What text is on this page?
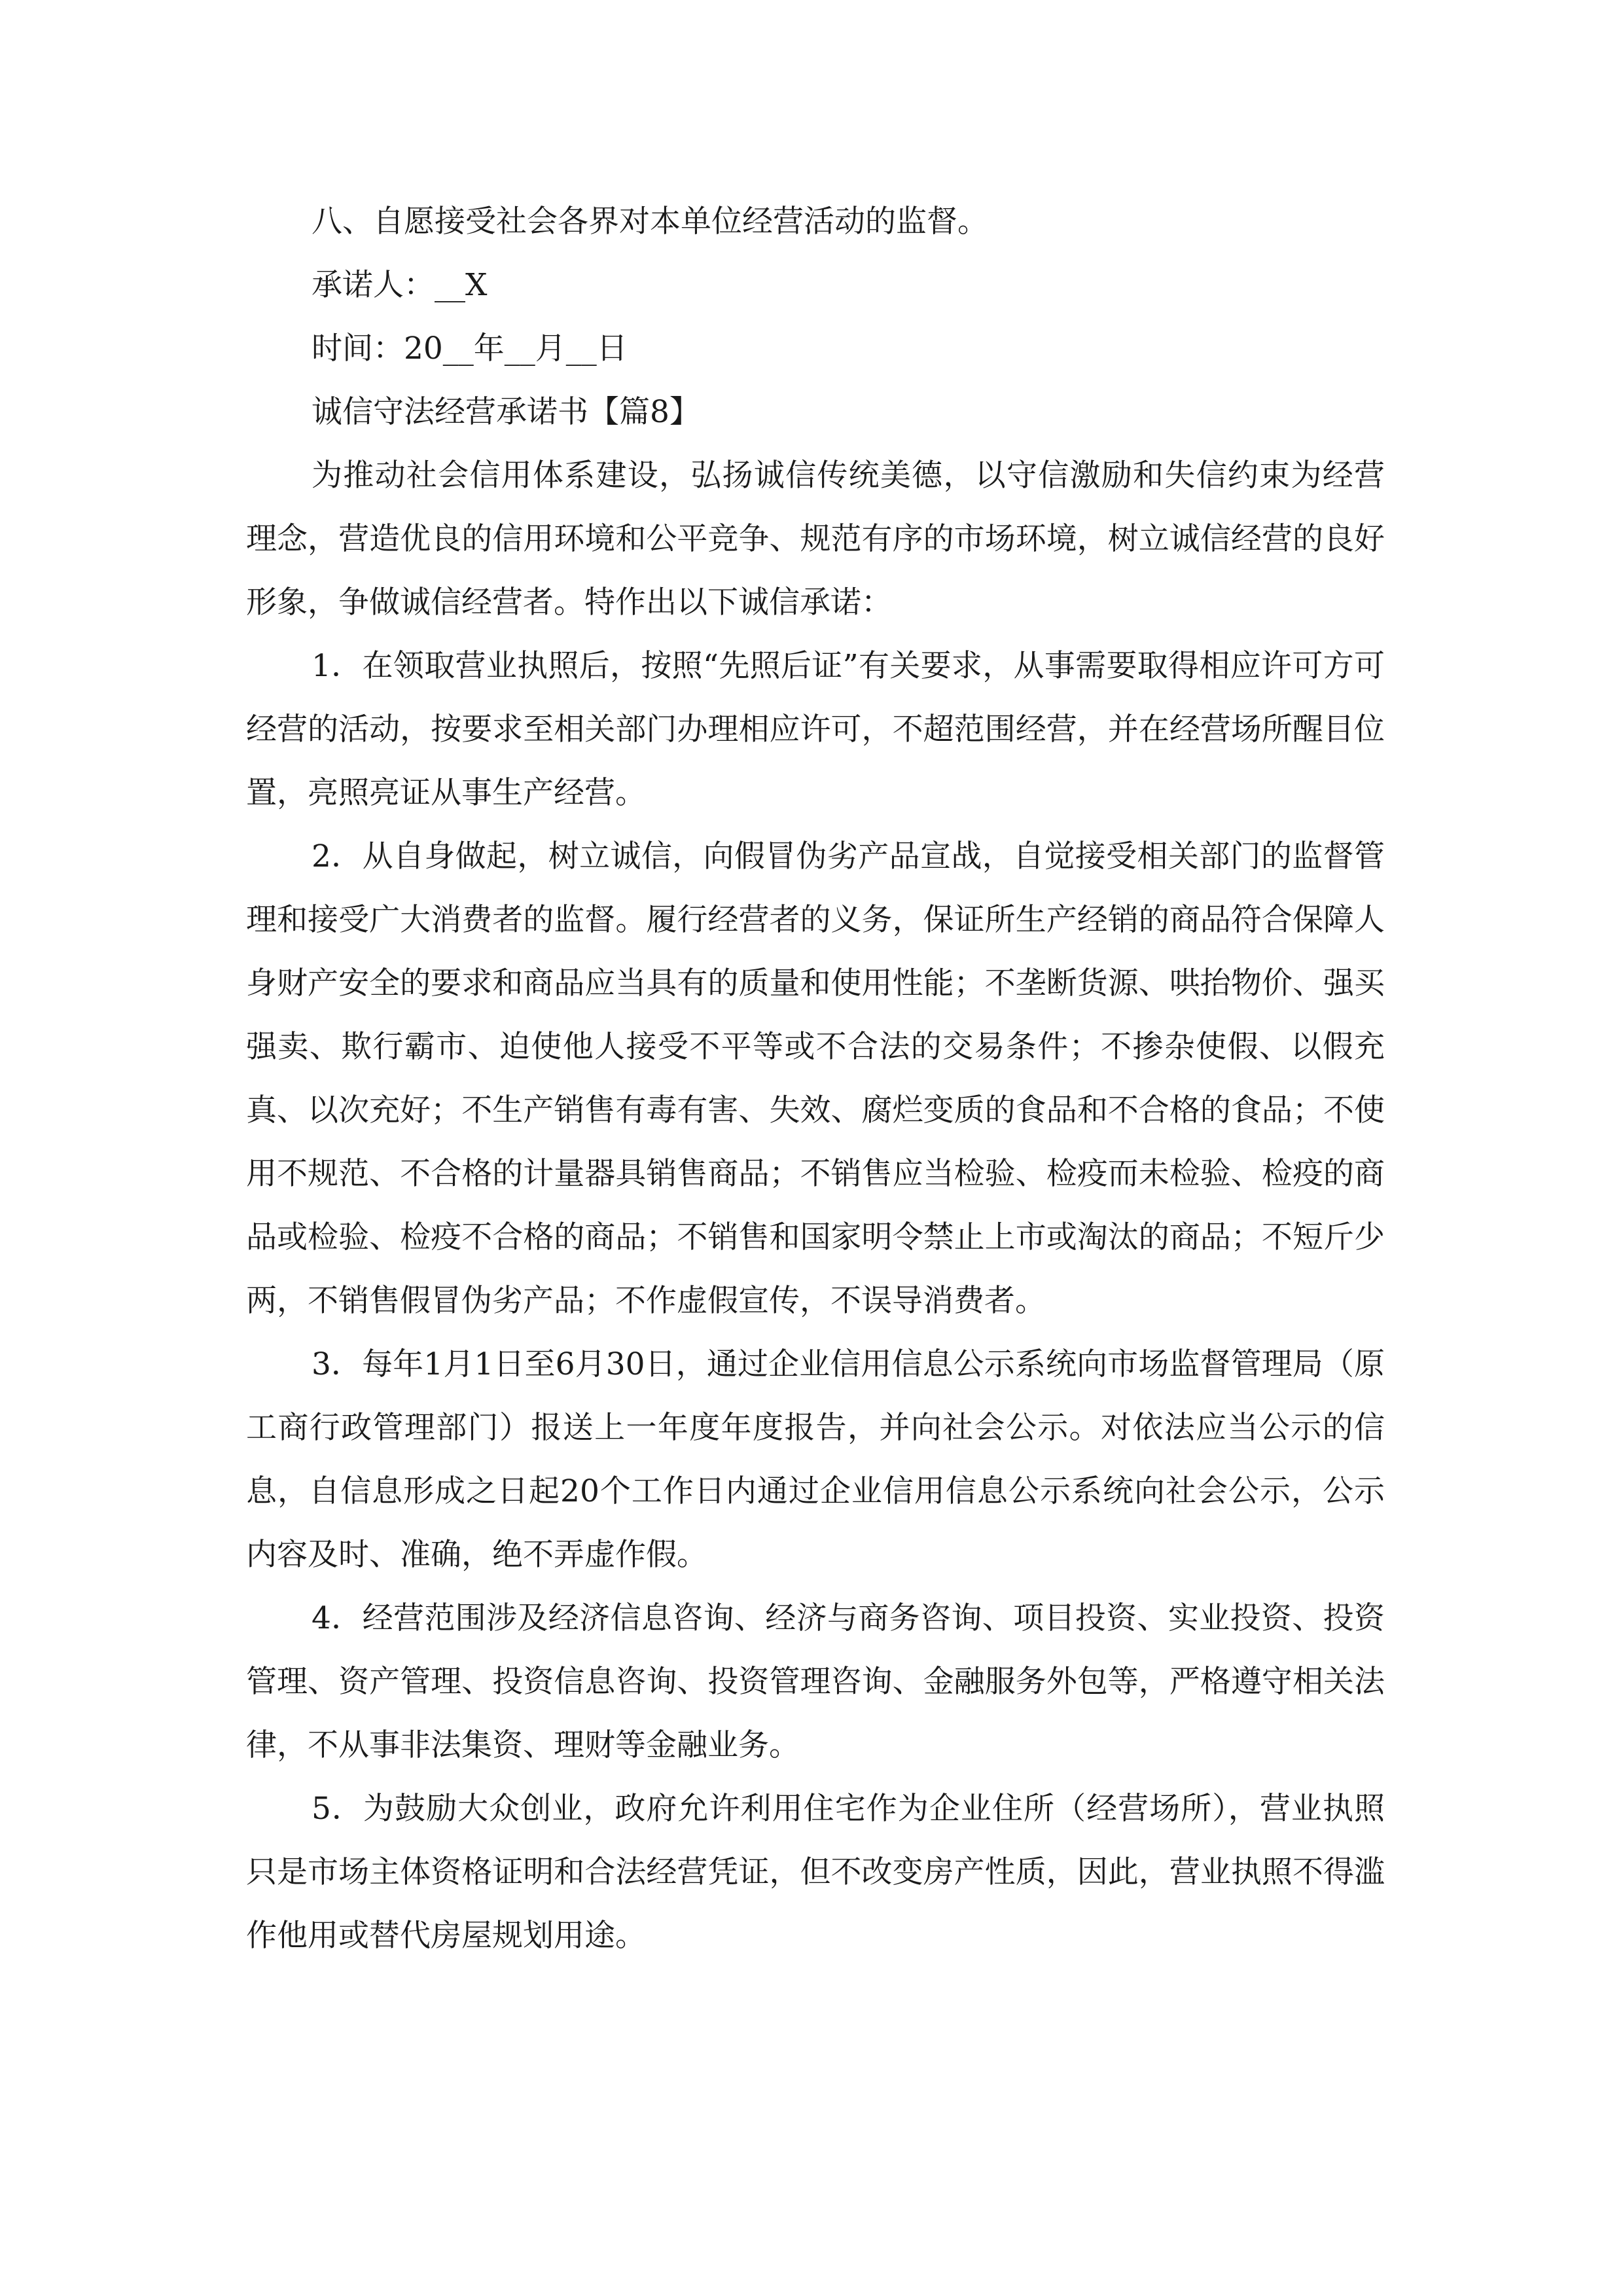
八、自愿接受社会各界对本单位经营活动的监督。

承诺人：__X

时间：20__年__月__日

诚信守法经营承诺书【篇8】

为推动社会信用体系建设，弘扬诚信传统美德，以守信激励和失信约束为经营理念，营造优良的信用环境和公平竞争、规范有序的市场环境，树立诚信经营的良好形象，争做诚信经营者。特作出以下诚信承诺：

1．在领取营业执照后，按照“先照后证”有关要求，从事需要取得相应许可方可经营的活动，按要求至相关部门办理相应许可，不超范围经营，并在经营场所醒目位置，亮照亮证从事生产经营。

2．从自身做起，树立诚信，向假冒伪劣产品宣战，自觉接受相关部门的监督管理和接受广大消费者的监督。履行经营者的义务，保证所生产经销的商品符合保障人身财产安全的要求和商品应当具有的质量和使用性能；不垄断货源、哄抬物价、强买强卖、欺行霸市、迫使他人接受不平等或不合法的交易条件；不掺杂使假、以假充真、以次充好；不生产销售有毒有害、失效、腐烂变质的食品和不合格的食品；不使用不规范、不合格的计量器具销售商品；不销售应当检验、检疫而未检验、检疫的商品或检验、检疫不合格的商品；不销售和国家明令禁止上市或淘汰的商品；不短斤少两，不销售假冒伪劣产品；不作虚假宣传，不误导消费者。

3．每年1月1日至6月30日，通过企业信用信息公示系统向市场监督管理局（原工商行政管理部门）报送上一年度年度报告，并向社会公示。对依法应当公示的信息，自信息形成之日起20个工作日内通过企业信用信息公示系统向社会公示，公示内容及时、准确，绝不弄虚作假。

4．经营范围涉及经济信息咨询、经济与商务咨询、项目投资、实业投资、投资管理、资产管理、投资信息咨询、投资管理咨询、金融服务外包等，严格遵守相关法律，不从事非法集资、理财等金融业务。

5．为鼓励大众创业，政府允许利用住宅作为企业住所（经营场所），营业执照只是市场主体资格证明和合法经营凭证，但不改变房产性质，因此，营业执照不得滥作他用或替代房屋规划用途。
